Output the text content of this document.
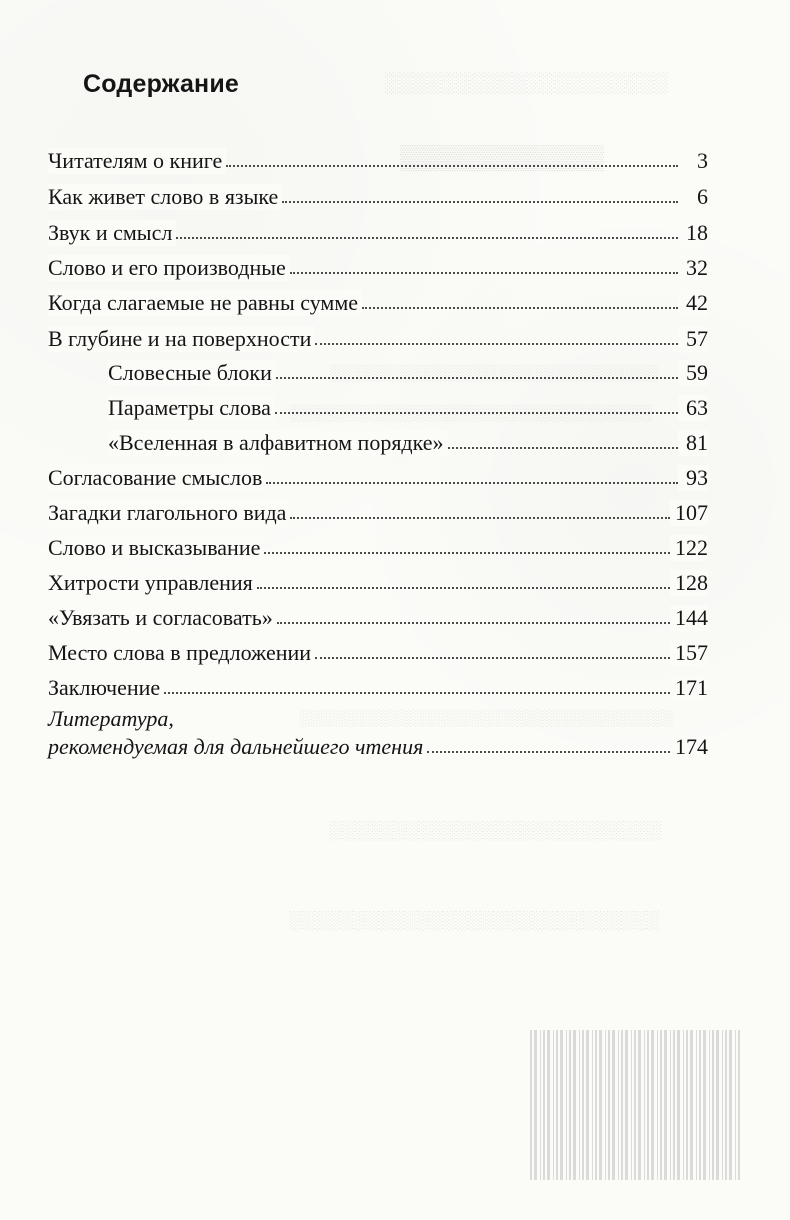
░░░░░░░░░░░░░░░░░░░░
▒▒▒▒▒▒▒▒▒▒▒▒
░░░░░░░░░░░░░░░░░░░░░░░░░░░░░
░░░░░░░░░░░░░░░░░░░░░░░░░░░░░░░░
░░░░░░░░░░░░░░░░░░░░░░░░░░░░░░░░░
░░░░░░░░░░░░░░░░░░░░░░░░░░
░░░░░░░░░░░░░░░░░░░░░░░░░░░░░
Содержание
Читателям о книге	3
Как живет слово в языке	6
Звук и смысл	18
Слово и его производные	32
Когда слагаемые не равны сумме	42
В глубине и на поверхности	57
Словесные блоки	59
Параметры слова	63
«Вселенная в алфавитном порядке»	81
Согласование смыслов	93
Загадки глагольного вида	107
Слово и высказывание	122
Хитрости управления	128
«Увязать и согласовать»	144
Место слова в предложении	157
Заключение	171
Литература,
рекомендуемая для дальнейшего чтения	174
